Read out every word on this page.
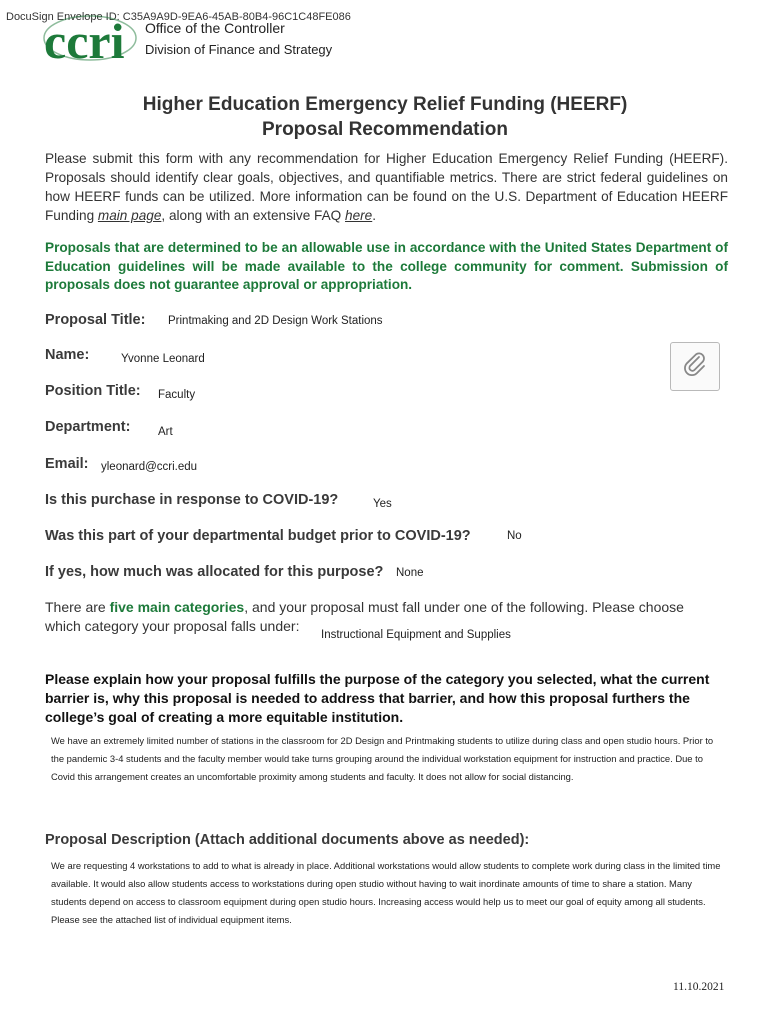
DocuSign Envelope ID: C35A9A9D-9EA6-45AB-80B4-96C1C48FE086
ccri Office of the Controller
Division of Finance and Strategy
Higher Education Emergency Relief Funding (HEERF)
Proposal Recommendation
Please submit this form with any recommendation for Higher Education Emergency Relief Funding (HEERF). Proposals should identify clear goals, objectives, and quantifiable metrics. There are strict federal guidelines on how HEERF funds can be utilized. More information can be found on the U.S. Department of Education HEERF Funding main page, along with an extensive FAQ here.
Proposals that are determined to be an allowable use in accordance with the United States Department of Education guidelines will be made available to the college community for comment. Submission of proposals does not guarantee approval or appropriation.
Proposal Title: Printmaking and 2D Design Work Stations
Name:	Yvonne Leonard
Position Title: Faculty
Department: Art
Email: yleonard@ccri.edu
Is this purchase in response to COVID-19?	Yes
Was this part of your departmental budget prior to COVID-19?	No
If yes, how much was allocated for this purpose? None
There are five main categories, and your proposal must fall under one of the following. Please choose which category your proposal falls under:
Instructional Equipment and Supplies
Please explain how your proposal fulfills the purpose of the category you selected, what the current barrier is, why this proposal is needed to address that barrier, and how this proposal furthers the college’s goal of creating a more equitable institution.
We have an extremely limited number of stations in the classroom for 2D Design and Printmaking students to utilize during class and open studio hours. Prior to the pandemic 3-4 students and the faculty member would take turns grouping around the individual workstation equipment for instruction and practice. Due to Covid this arrangement creates an uncomfortable proximity among students and faculty. It does not allow for social distancing.
Proposal Description (Attach additional documents above as needed):
We are requesting 4 workstations to add to what is already in place. Additional workstations would allow students to complete work during class in the limited time available. It would also allow students access to workstations during open studio without having to wait inordinate amounts of time to share a station. Many students depend on access to classroom equipment during open studio hours. Increasing access would help us to meet our goal of equity among all students. Please see the attached list of individual equipment items.
11.10.2021
